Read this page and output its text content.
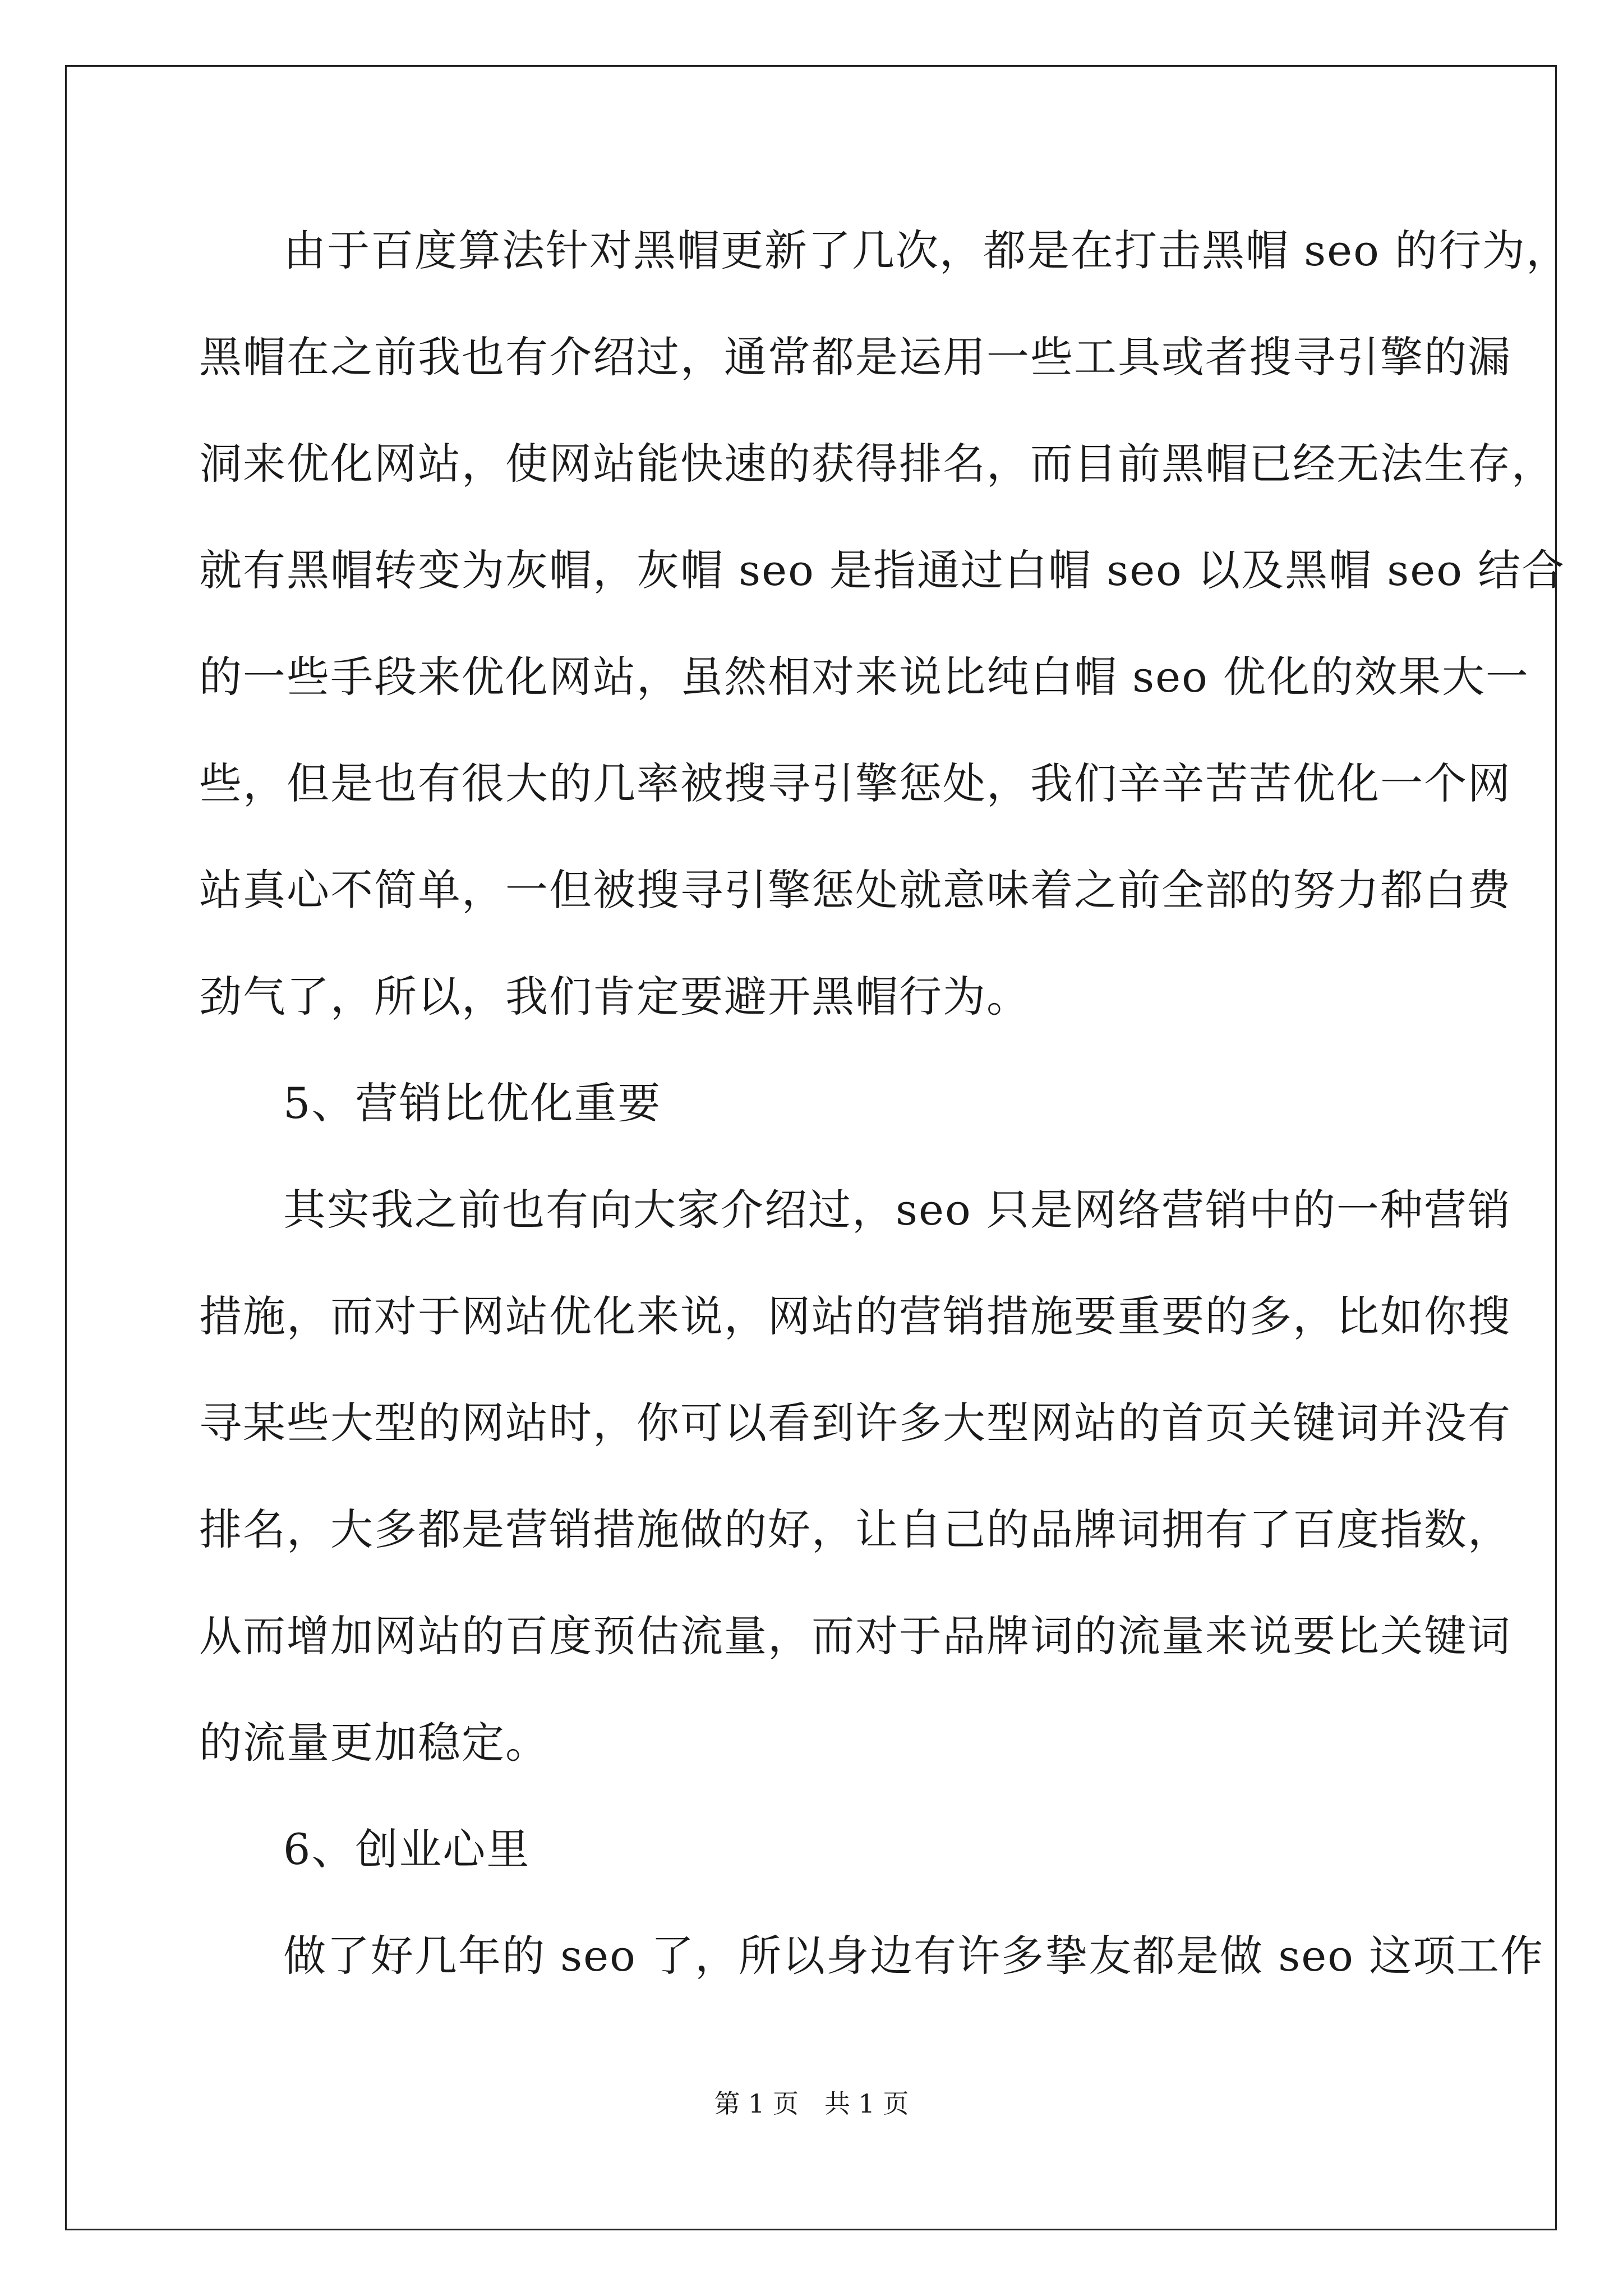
由于百度算法针对黑帽更新了几次，都是在打击黑帽 seo 的行为，
黑帽在之前我也有介绍过，通常都是运用一些工具或者搜寻引擎的漏
洞来优化网站，使网站能快速的获得排名，而目前黑帽已经无法生存，
就有黑帽转变为灰帽，灰帽 seo 是指通过白帽 seo 以及黑帽 seo 结合
的一些手段来优化网站，虽然相对来说比纯白帽 seo 优化的效果大一
些，但是也有很大的几率被搜寻引擎惩处，我们辛辛苦苦优化一个网
站真心不简单，一但被搜寻引擎惩处就意味着之前全部的努力都白费
劲气了，所以，我们肯定要避开黑帽行为。
5、营销比优化重要
其实我之前也有向大家介绍过，seo 只是网络营销中的一种营销
措施，而对于网站优化来说，网站的营销措施要重要的多，比如你搜
寻某些大型的网站时，你可以看到许多大型网站的首页关键词并没有
排名，大多都是营销措施做的好，让自己的品牌词拥有了百度指数，
从而增加网站的百度预估流量，而对于品牌词的流量来说要比关键词
的流量更加稳定。
6、创业心里
做了好几年的 seo 了，所以身边有许多挚友都是做 seo 这项工作
第 1 页　共 1 页
